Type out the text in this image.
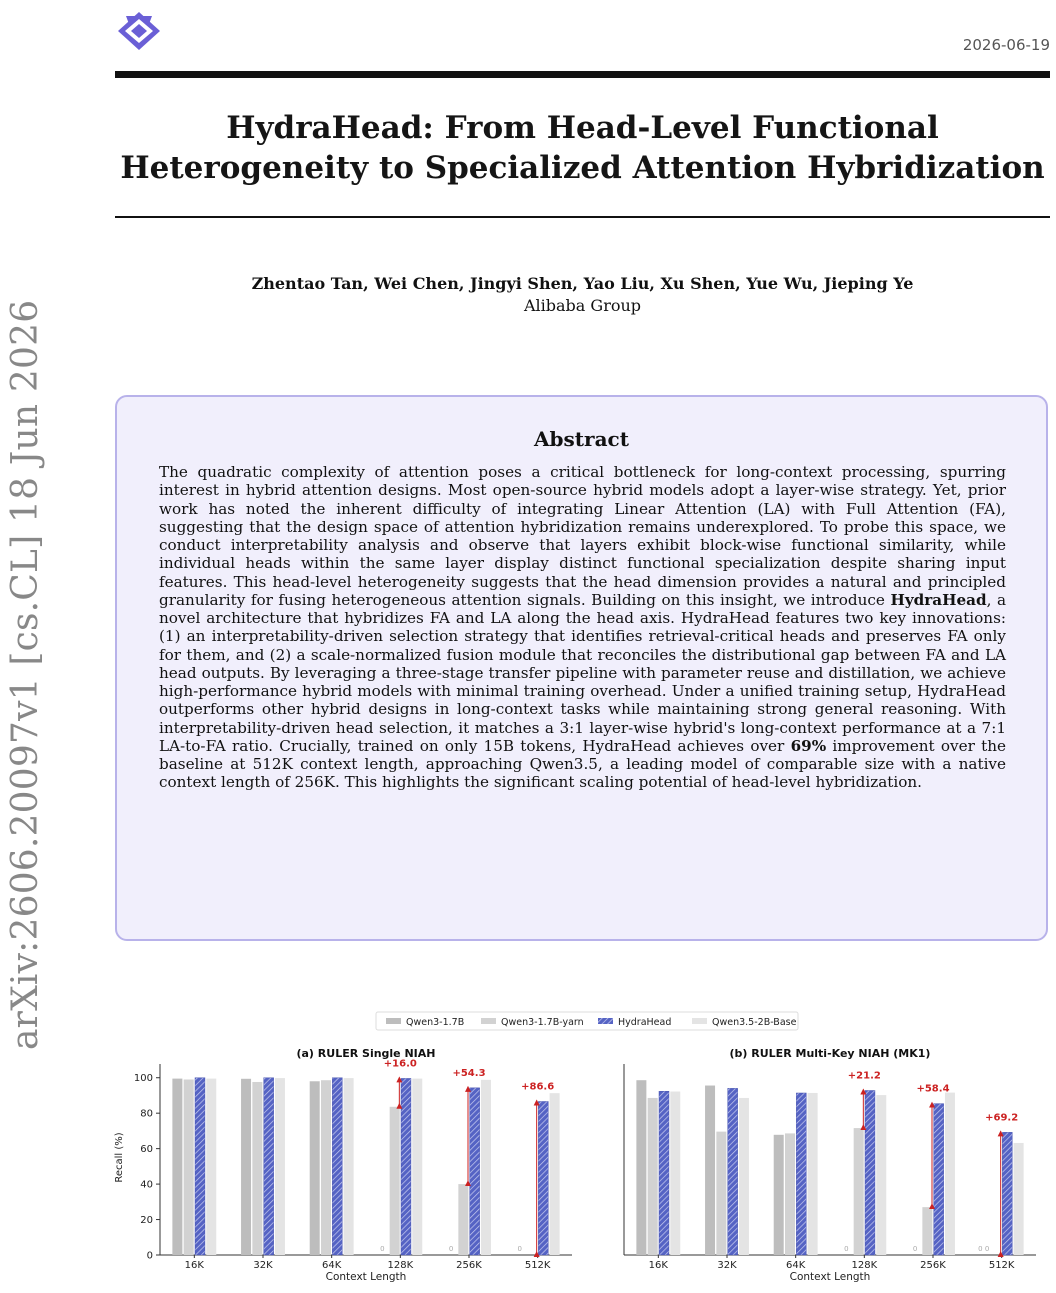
2026-06-19
HydraHead: From Head-Level Functional
Heterogeneity to Specialized Attention Hybridization
Zhentao Tan, Wei Chen, Jingyi Shen, Yao Liu, Xu Shen, Yue Wu, Jieping Ye
Alibaba Group
arXiv:2606.20097v1 [cs.CL] 18 Jun 2026	Abstract
The quadratic complexity of attention poses a critical bottleneck for long-context processing, spurring interest in hybrid attention designs. Most open-source hybrid models adopt a layer-wise strategy. Yet, prior work has noted the inherent difficulty of integrating Linear Attention (LA) with Full Attention (FA), suggesting that the design space of attention hybridization remains underexplored. To probe this space, we conduct interpretability analysis and observe that layers exhibit block-wise functional similarity, while individual heads within the same layer display distinct functional specialization despite sharing input features. This head-level heterogeneity suggests that the head dimension provides a natural and principled granularity for fusing heterogeneous attention signals. Building on this insight, we introduce HydraHead, a novel architecture that hybridizes FA and LA along the head axis. HydraHead features two key innovations: (1) an interpretability-driven selection strategy that identifies retrieval-critical heads and preserves FA only for them, and (2) a scale-normalized fusion module that reconciles the distributional gap between FA and LA head outputs. By leveraging a three-stage transfer pipeline with parameter reuse and distillation, we achieve high-performance hybrid models with minimal training overhead. Under a unified training setup, HydraHead outperforms other hybrid designs in long-context tasks while maintaining strong general reasoning. With interpretability-driven head selection, it matches a 3:1 layer-wise hybrid's long-context performance at a 7:1 LA-to-FA ratio. Crucially, trained on only 15B tokens, HydraHead achieves over 69% improvement over the baseline at 512K context length, approaching Qwen3.5, a leading model of comparable size with a native context length of 256K. This highlights the significant scaling potential of head-level hybridization.
Qwen3-1.7B	Qwen3-1.7B-yarn	HydraHead	Qwen3.5-2B-Base
(a) RULER Single NIAH
0
20
40
60
80
100
Recall (%)
16K	32K	64K	128K
0
+16.0
256K
0
+54.3
512K
0
+86.6
Context Length
(b) RULER Multi-Key NIAH (MK1)
16K	32K	64K	128K
0
+21.2
256K
0
+58.4
512K
0 0
+69.2
Context Length
